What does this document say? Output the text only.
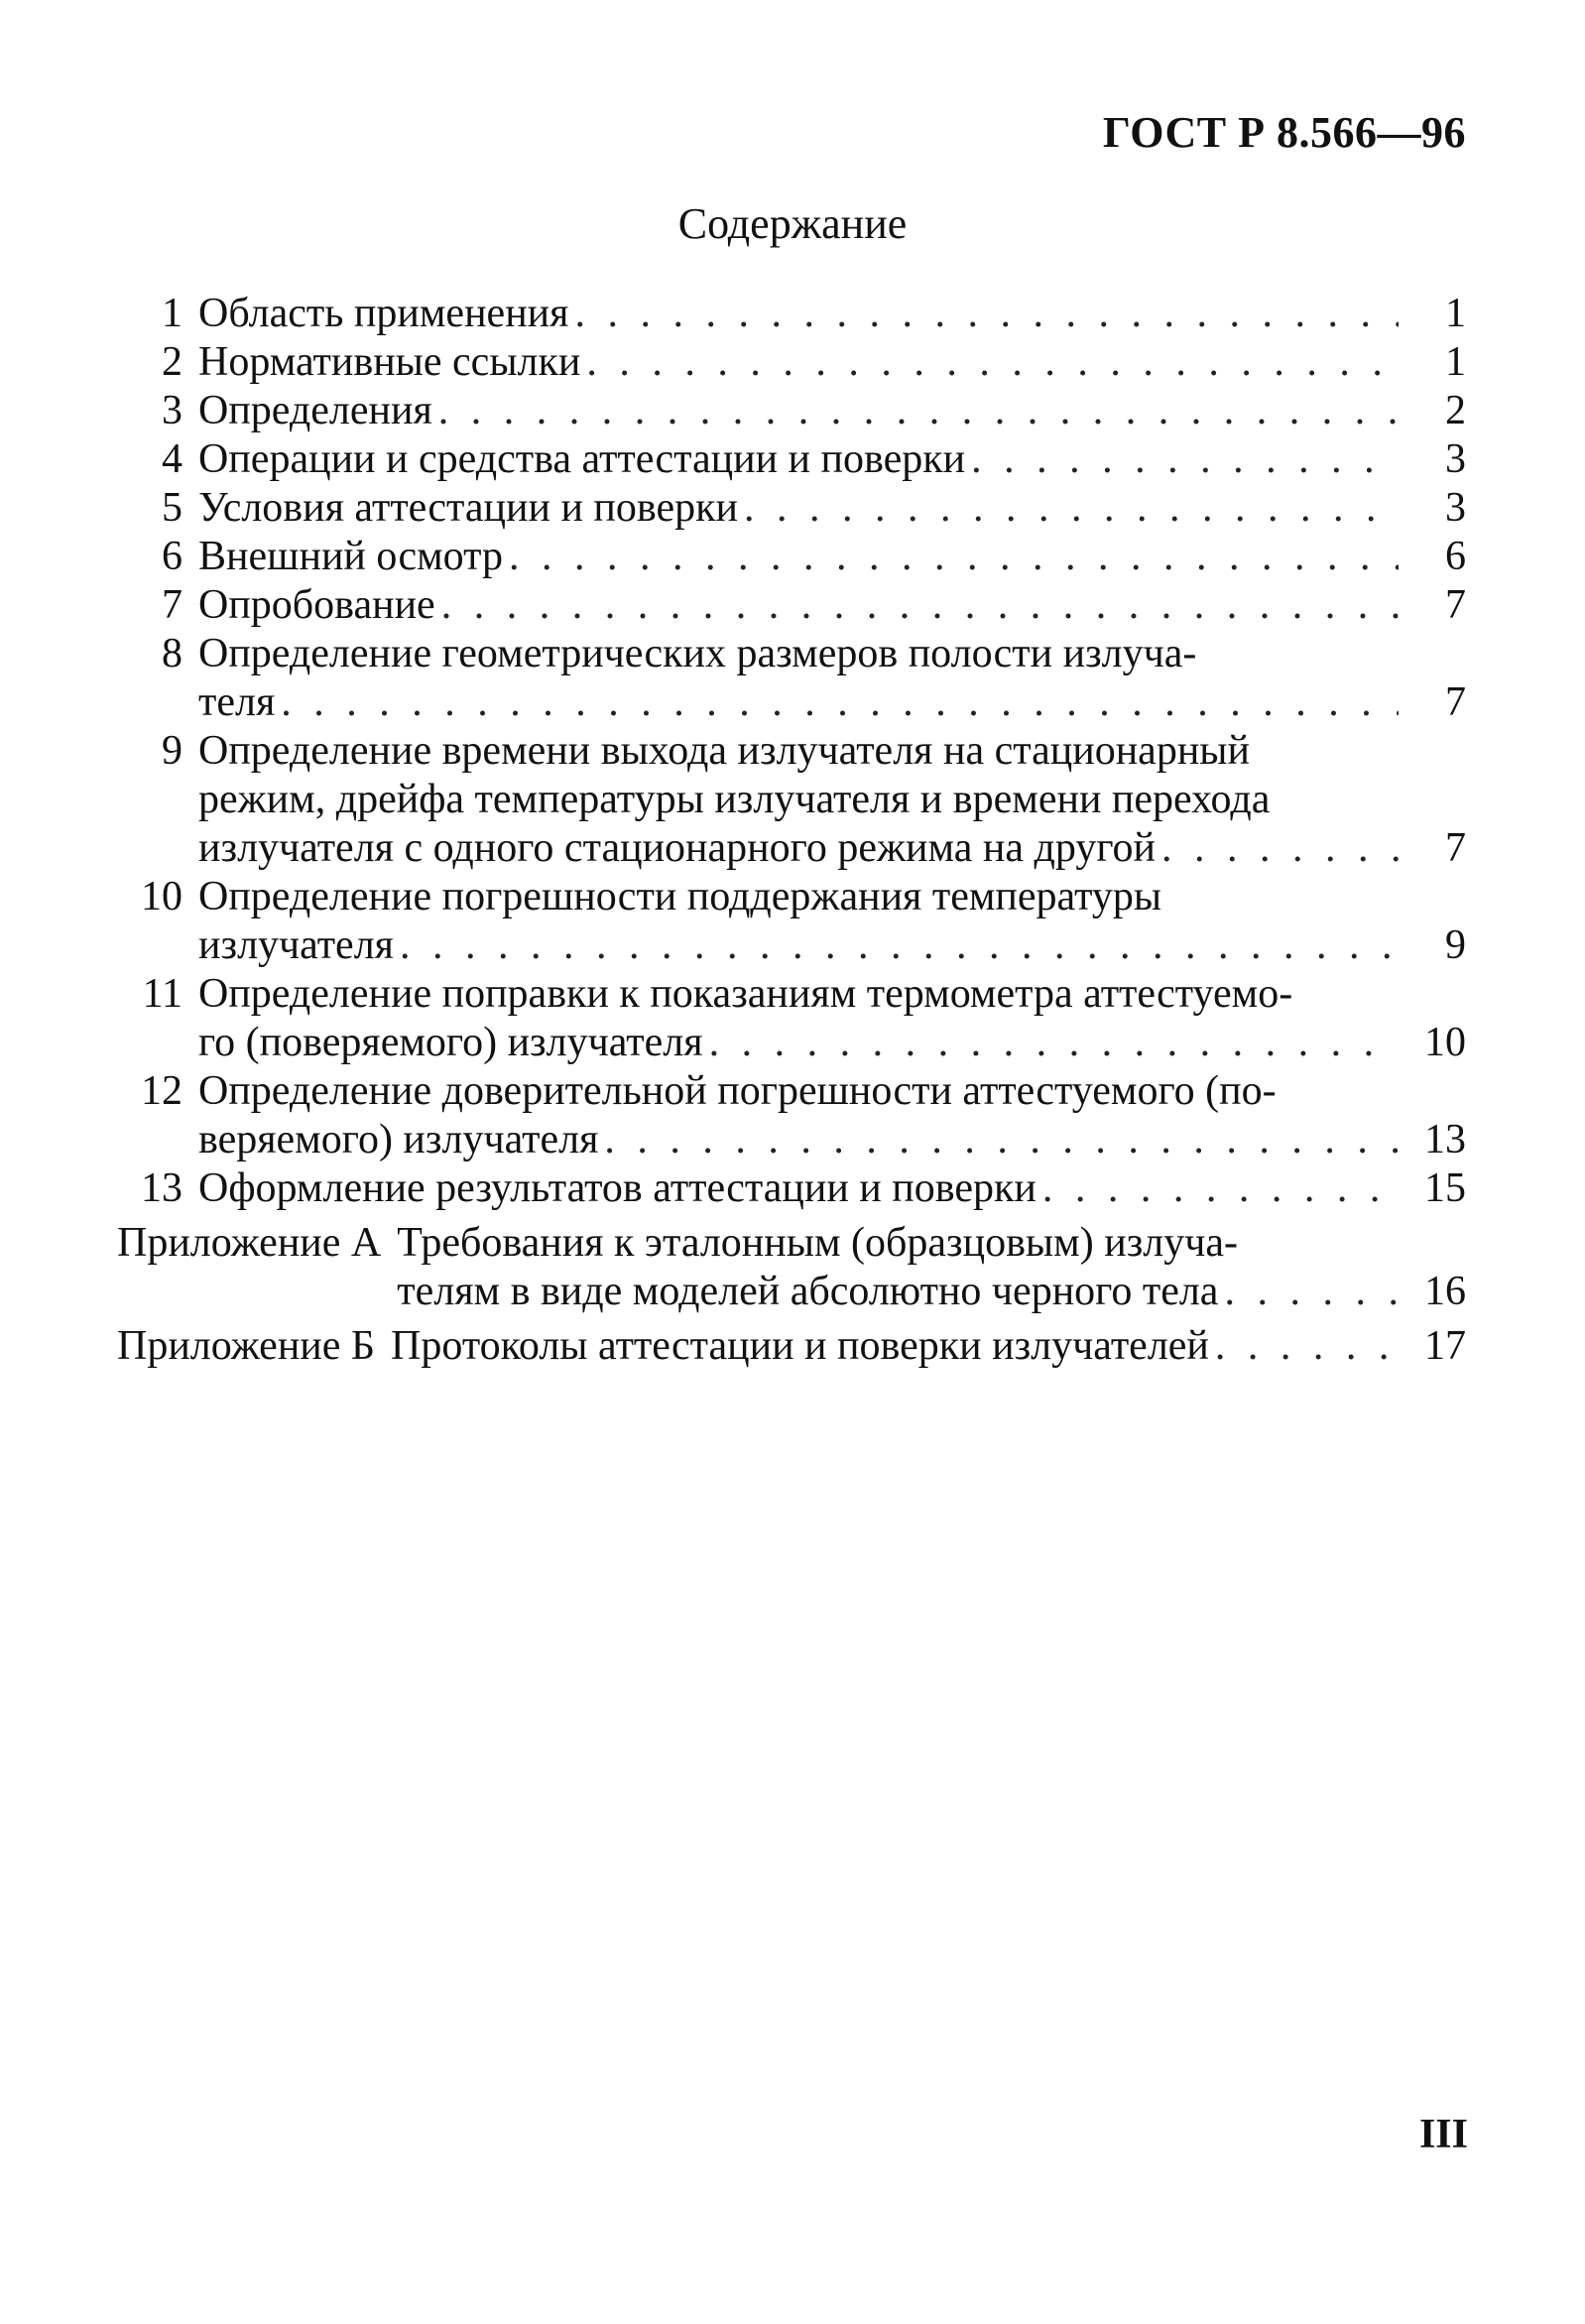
ГОСТ Р 8.566—96
Содержание
1 Область применения . . .	1
2 Нормативные ссылки . . .	1
3 Определения . . .	2
4 Операции и средства аттестации и поверки . . .	3
5 Условия аттестации и поверки . . .	3
6 Внешний осмотр . . .	6
7 Опробование . . .	7
8 Определение геометрических размеров полости излуча-
теля . . .	7
9 Определение времени выхода излучателя на стационарный
режим, дрейфа температуры излучателя и времени перехода
излучателя с одного стационарного режима на другой . . .	7
10 Определение погрешности поддержания температуры
излучателя . . .	9
11 Определение поправки к показаниям термометра аттестуемо-
го (поверяемого) излучателя . . .	10
12 Определение доверительной погрешности аттестуемого (по-
веряемого) излучателя . . .	13
13 Оформление результатов аттестации и поверки . . .	15
Приложение А Требования к эталонным (образцовым) излуча-
телям в виде моделей абсолютно черного тела . . .	16
Приложение Б Протоколы аттестации и поверки излучателей . . .	17
III
